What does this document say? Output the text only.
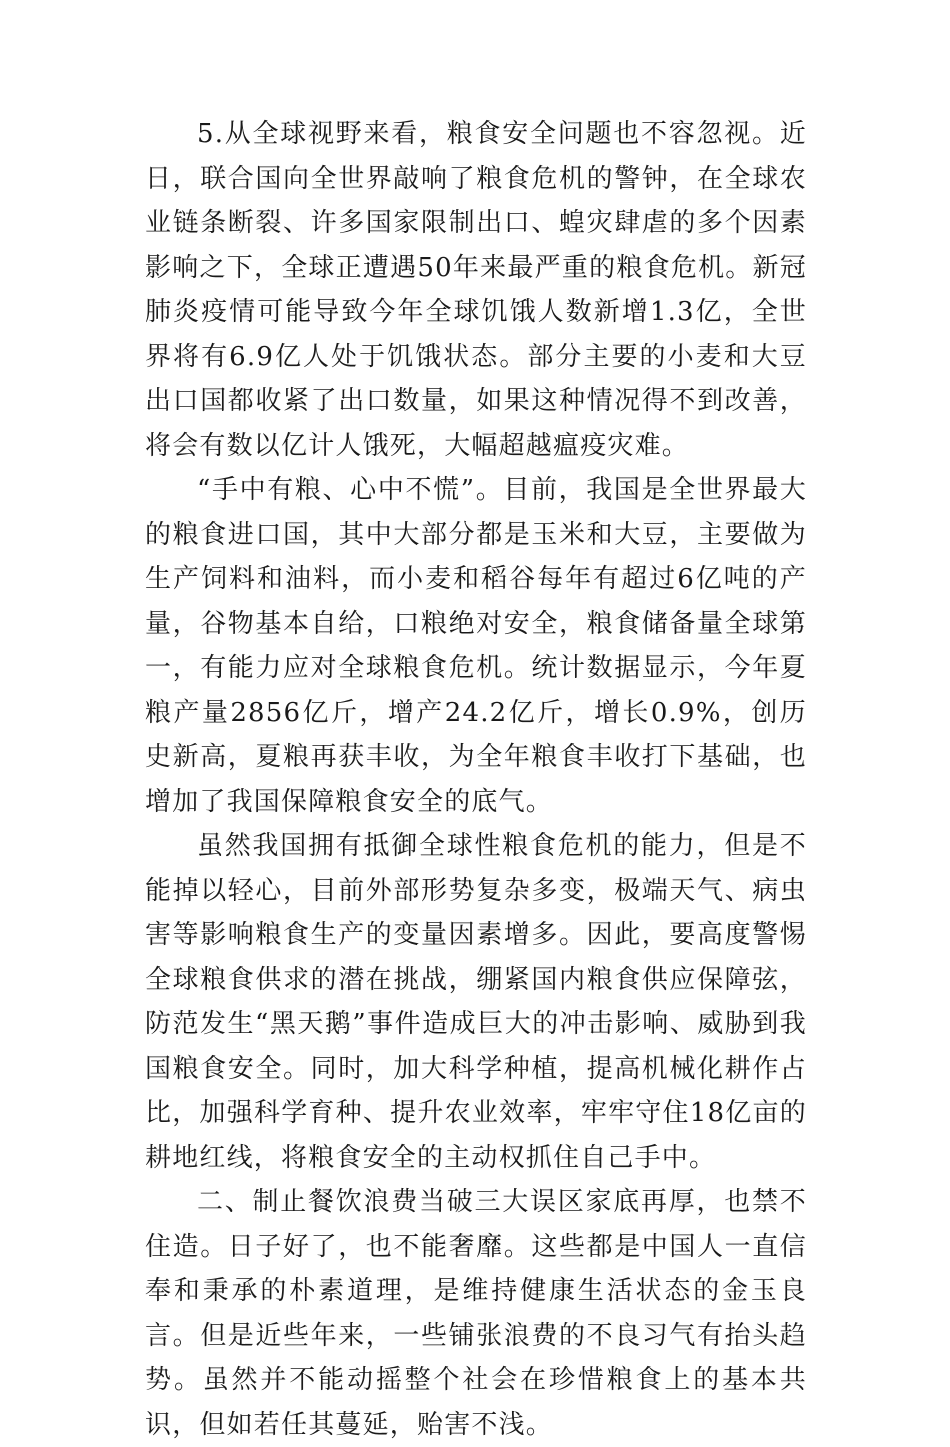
5.从全球视野来看，粮食安全问题也不容忽视。近日，联合国向全世界敲响了粮食危机的警钟，在全球农业链条断裂、许多国家限制出口、蝗灾肆虐的多个因素影响之下，全球正遭遇50年来最严重的粮食危机。新冠肺炎疫情可能导致今年全球饥饿人数新增1.3亿，全世界将有6.9亿人处于饥饿状态。部分主要的小麦和大豆出口国都收紧了出口数量，如果这种情况得不到改善，将会有数以亿计人饿死，大幅超越瘟疫灾难。

“手中有粮、心中不慌”。目前，我国是全世界最大的粮食进口国，其中大部分都是玉米和大豆，主要做为生产饲料和油料，而小麦和稻谷每年有超过6亿吨的产量，谷物基本自给，口粮绝对安全，粮食储备量全球第一，有能力应对全球粮食危机。统计数据显示，今年夏粮产量2856亿斤，增产24.2亿斤，增长0.9%，创历史新高，夏粮再获丰收，为全年粮食丰收打下基础，也增加了我国保障粮食安全的底气。

虽然我国拥有抵御全球性粮食危机的能力，但是不能掉以轻心，目前外部形势复杂多变，极端天气、病虫害等影响粮食生产的变量因素增多。因此，要高度警惕全球粮食供求的潜在挑战，绷紧国内粮食供应保障弦，防范发生“黑天鹅”事件造成巨大的冲击影响、威胁到我国粮食安全。同时，加大科学种植，提高机械化耕作占比，加强科学育种、提升农业效率，牢牢守住18亿亩的耕地红线，将粮食安全的主动权抓住自己手中。

二、制止餐饮浪费当破三大误区家底再厚，也禁不住造。日子好了，也不能奢靡。这些都是中国人一直信奉和秉承的朴素道理，是维持健康生活状态的金玉良言。但是近些年来，一些铺张浪费的不良习气有抬头趋势。虽然并不能动摇整个社会在珍惜粮食上的基本共识，但如若任其蔓延，贻害不浅。
